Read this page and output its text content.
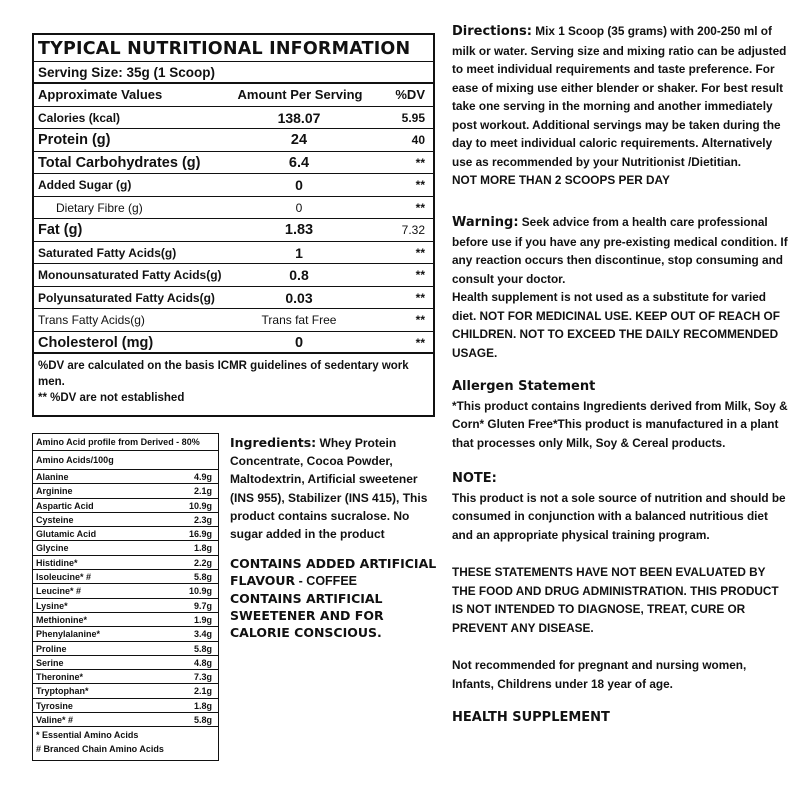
TYPICAL NUTRITIONAL INFORMATION
Serving Size: 35g (1 Scoop)
Approximate Values	Amount Per Serving	%DV
Calories (kcal)	138.07	5.95
Protein (g)	24	40
Total Carbohydrates (g)	6.4	**
Added Sugar (g)	0	**
Dietary Fibre (g)	0	**
Fat (g)	1.83	7.32
Saturated Fatty Acids(g)	1	**
Monounsaturated Fatty Acids(g)	0.8	**
Polyunsaturated Fatty Acids(g)	0.03	**
Trans Fatty Acids(g)	Trans fat Free	**
Cholesterol (mg)	0	**
%DV are calculated on the basis ICMR guidelines of sedentary work men.
** %DV are not established
Amino Acid profile from Derived - 80%
Amino Acids/100g
Alanine	4.9g
Arginine	2.1g
Aspartic Acid	10.9g
Cysteine	2.3g
Glutamic Acid	16.9g
Glycine	1.8g
Histidine*	2.2g
Isoleucine* #	5.8g
Leucine* #	10.9g
Lysine*	9.7g
Methionine*	1.9g
Phenylalanine*	3.4g
Proline	5.8g
Serine	4.8g
Theronine*	7.3g
Tryptophan*	2.1g
Tyrosine	1.8g
Valine* #	5.8g
* Essential Amino Acids
# Branced Chain Amino Acids
Ingredients: Whey Protein Concentrate, Cocoa Powder, Maltodextrin, Artificial sweetener (INS 955), Stabilizer (INS 415), This product contains sucralose. No sugar added in the product
CONTAINS ADDED ARTIFICIAL FLAVOUR - COFFEE
CONTAINS ARTIFICIAL SWEETENER AND FOR CALORIE CONSCIOUS.

Directions: Mix 1 Scoop (35 grams) with 200-250 ml of milk or water. Serving size and mixing ratio can be adjusted to meet individual requirements and taste preference. For ease of mixing use either blender or shaker. For best result take one serving in the morning and another immediately post workout. Additional servings may be taken during the day to meet individual caloric requirements. Alternatively use as recommended by your Nutritionist /Dietitian.

NOT MORE THAN 2 SCOOPS PER DAY

Warning: Seek advice from a health care professional before use if you have any pre-existing medical condition. If any reaction occurs then discontinue, stop consuming and consult your doctor.

Health supplement is not used as a substitute for varied diet. NOT FOR MEDICINAL USE. KEEP OUT OF REACH OF CHILDREN. NOT TO EXCEED THE DAILY RECOMMENDED USAGE.

Allergen Statement

*This product contains Ingredients derived from Milk, Soy & Corn* Gluten Free*This product is manufactured in a plant that processes only Milk, Soy & Cereal products.

NOTE:

This product is not a sole source of nutrition and should be consumed in conjunction with a balanced nutritious diet and an appropriate physical training program.

THESE STATEMENTS HAVE NOT BEEN EVALUATED BY THE FOOD AND DRUG ADMINISTRATION. THIS PRODUCT IS NOT INTENDED TO DIAGNOSE, TREAT, CURE OR PREVENT ANY DISEASE.

Not recommended for pregnant and nursing women, Infants, Childrens under 18 year of age.

HEALTH SUPPLEMENT
